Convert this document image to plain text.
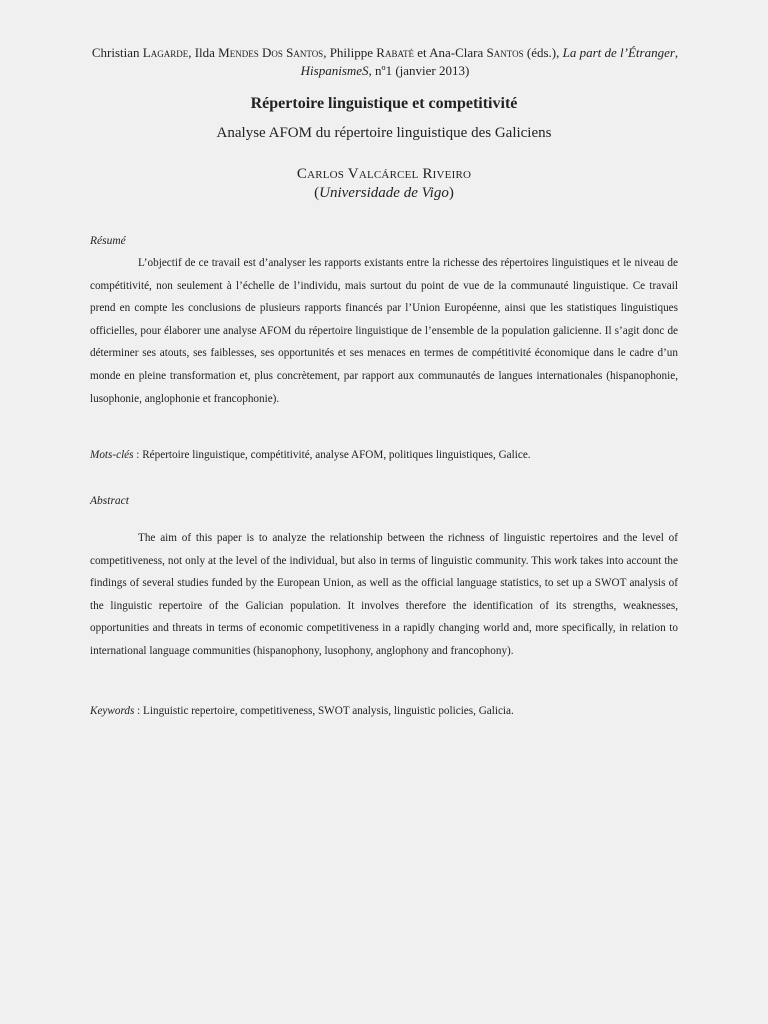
Christian Lagarde, Ilda Mendes Dos Santos, Philippe Rabaté et Ana-Clara Santos (éds.), La part de l’Étranger, HispanismeS, nº1 (janvier 2013)
Répertoire linguistique et competitivité
Analyse AFOM du répertoire linguistique des Galiciens
Carlos Valcárcel Riveiro
(Universidade de Vigo)
Résumé

L’objectif de ce travail est d’analyser les rapports existants entre la richesse des répertoires linguistiques et le niveau de compétitivité, non seulement à l’échelle de l’individu, mais surtout du point de vue de la communauté linguistique. Ce travail prend en compte les conclusions de plusieurs rapports financés par l’Union Européenne, ainsi que les statistiques linguistiques officielles, pour élaborer une analyse AFOM du répertoire linguistique de l’ensemble de la population galicienne. Il s’agit donc de déterminer ses atouts, ses faiblesses, ses opportunités et ses menaces en termes de compétitivité économique dans le cadre d’un monde en pleine transformation et, plus concrètement, par rapport aux communautés de langues internationales (hispanophonie, lusophonie, anglophonie et francophonie).

Mots-clés : Répertoire linguistique, compétitivité, analyse AFOM, politiques linguistiques, Galice.
Abstract

The aim of this paper is to analyze the relationship between the richness of linguistic repertoires and the level of competitiveness, not only at the level of the individual, but also in terms of linguistic community. This work takes into account the findings of several studies funded by the European Union, as well as the official language statistics, to set up a SWOT analysis of the linguistic repertoire of the Galician population. It involves therefore the identification of its strengths, weaknesses, opportunities and threats in terms of economic competitiveness in a rapidly changing world and, more specifically, in relation to international language communities (hispanophony, lusophony, anglophony and francophony).

Keywords : Linguistic repertoire, competitiveness, SWOT analysis, linguistic policies, Galicia.
